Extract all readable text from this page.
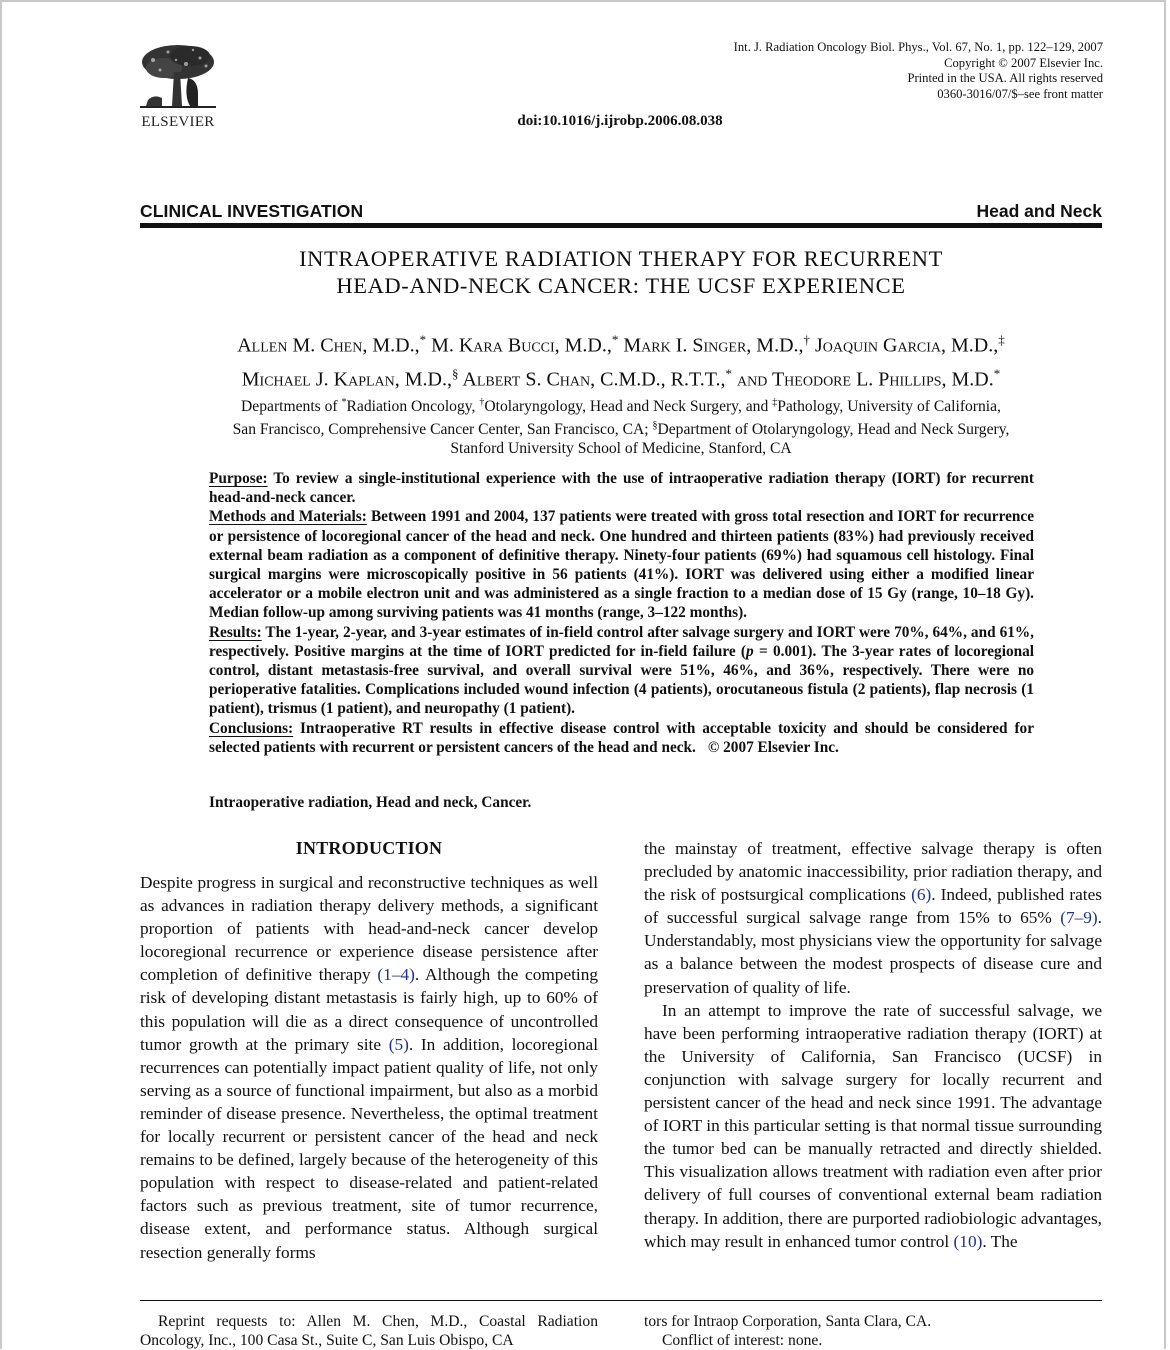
ELSEVIER
Int. J. Radiation Oncology Biol. Phys., Vol. 67, No. 1, pp. 122–129, 2007
Copyright © 2007 Elsevier Inc.
Printed in the USA. All rights reserved
0360-3016/07/$–see front matter
doi:10.1016/j.ijrobp.2006.08.038
CLINICAL INVESTIGATION	Head and Neck
INTRAOPERATIVE RADIATION THERAPY FOR RECURRENT
HEAD-AND-NECK CANCER: THE UCSF EXPERIENCE
Allen M. Chen, M.D.,* M. Kara Bucci, M.D.,* Mark I. Singer, M.D.,† Joaquin Garcia, M.D.,‡
Michael J. Kaplan, M.D.,§ Albert S. Chan, C.M.D., R.T.T.,* and Theodore L. Phillips, M.D.*
Departments of *Radiation Oncology, †Otolaryngology, Head and Neck Surgery, and ‡Pathology, University of California,
San Francisco, Comprehensive Cancer Center, San Francisco, CA; §Department of Otolaryngology, Head and Neck Surgery,
Stanford University School of Medicine, Stanford, CA

Purpose: To review a single-institutional experience with the use of intraoperative radiation therapy (IORT) for recurrent head-and-neck cancer.

Methods and Materials: Between 1991 and 2004, 137 patients were treated with gross total resection and IORT for recurrence or persistence of locoregional cancer of the head and neck. One hundred and thirteen patients (83%) had previously received external beam radiation as a component of definitive therapy. Ninety-four patients (69%) had squamous cell histology. Final surgical margins were microscopically positive in 56 patients (41%). IORT was delivered using either a modified linear accelerator or a mobile electron unit and was administered as a single fraction to a median dose of 15 Gy (range, 10–18 Gy). Median follow-up among surviving patients was 41 months (range, 3–122 months).

Results: The 1-year, 2-year, and 3-year estimates of in-field control after salvage surgery and IORT were 70%, 64%, and 61%, respectively. Positive margins at the time of IORT predicted for in-field failure (p = 0.001). The 3-year rates of locoregional control, distant metastasis-free survival, and overall survival were 51%, 46%, and 36%, respectively. There were no perioperative fatalities. Complications included wound infection (4 patients), orocutaneous fistula (2 patients), flap necrosis (1 patient), trismus (1 patient), and neuropathy (1 patient).

Conclusions: Intraoperative RT results in effective disease control with acceptable toxicity and should be considered for selected patients with recurrent or persistent cancers of the head and neck. © 2007 Elsevier Inc.

Intraoperative radiation, Head and neck, Cancer.
INTRODUCTION

Despite progress in surgical and reconstructive techniques as well as advances in radiation therapy delivery methods, a significant proportion of patients with head-and-neck cancer develop locoregional recurrence or experience disease persistence after completion of definitive therapy (1–4). Although the competing risk of developing distant metastasis is fairly high, up to 60% of this population will die as a direct consequence of uncontrolled tumor growth at the primary site (5). In addition, locoregional recurrences can potentially impact patient quality of life, not only serving as a source of functional impairment, but also as a morbid reminder of disease presence. Nevertheless, the optimal treatment for locally recurrent or persistent cancer of the head and neck remains to be defined, largely because of the heterogeneity of this population with respect to disease-related and patient-related factors such as previous treatment, site of tumor recurrence, disease extent, and performance status. Although surgical resection generally forms

the mainstay of treatment, effective salvage therapy is often precluded by anatomic inaccessibility, prior radiation therapy, and the risk of postsurgical complications (6). Indeed, published rates of successful surgical salvage range from 15% to 65% (7–9). Understandably, most physicians view the opportunity for salvage as a balance between the modest prospects of disease cure and preservation of quality of life.

In an attempt to improve the rate of successful salvage, we have been performing intraoperative radiation therapy (IORT) at the University of California, San Francisco (UCSF) in conjunction with salvage surgery for locally recurrent and persistent cancer of the head and neck since 1991. The advantage of IORT in this particular setting is that normal tissue surrounding the tumor bed can be manually retracted and directly shielded. This visualization allows treatment with radiation even after prior delivery of full courses of conventional external beam radiation therapy. In addition, there are purported radiobiologic advantages, which may result in enhanced tumor control (10). The

Reprint requests to: Allen M. Chen, M.D., Coastal Radiation Oncology, Inc., 100 Casa St., Suite C, San Luis Obispo, CA
tors for Intraop Corporation, Santa Clara, CA.
Conflict of interest: none.
